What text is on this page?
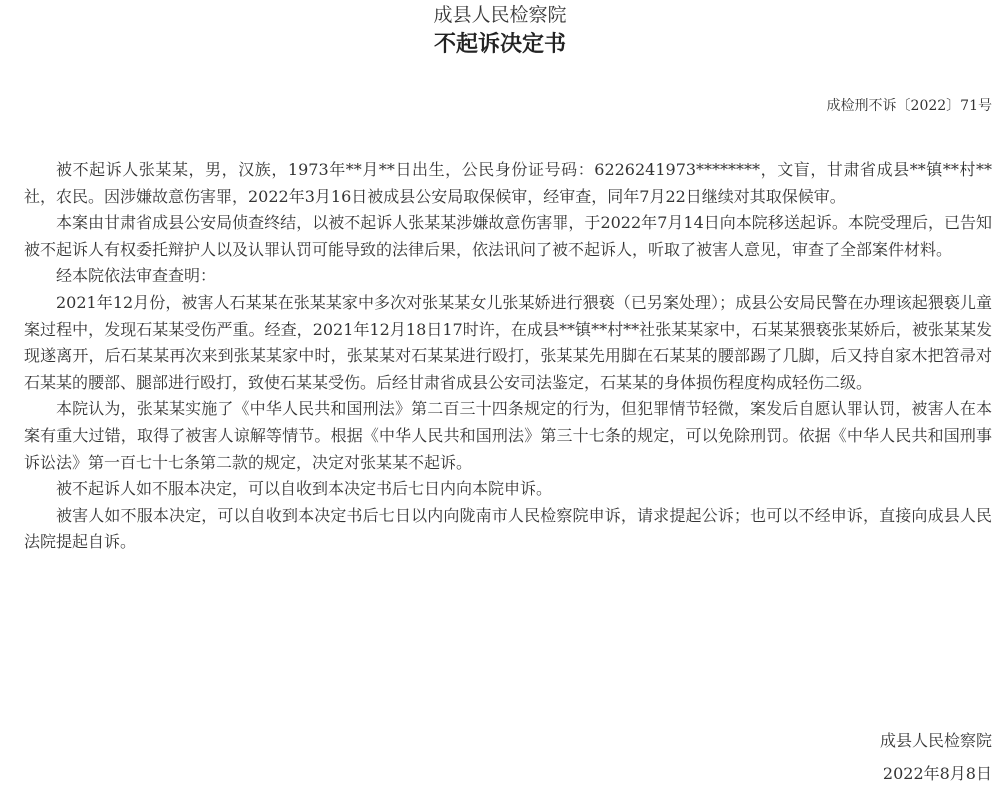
成县人民检察院
不起诉决定书
成检刑不诉〔2022〕71号

被不起诉人张某某，男，汉族，1973年**月**日出生，公民身份证号码：6226241973********，文盲，甘肃省成县**镇**村**社，农民。因涉嫌故意伤害罪，2022年3月16日被成县公安局取保候审，经审查，同年7月22日继续对其取保候审。

本案由甘肃省成县公安局侦查终结，以被不起诉人张某某涉嫌故意伤害罪，于2022年7月14日向本院移送起诉。本院受理后，已告知被不起诉人有权委托辩护人以及认罪认罚可能导致的法律后果，依法讯问了被不起诉人，听取了被害人意见，审查了全部案件材料。

经本院依法审查查明：

2021年12月份，被害人石某某在张某某家中多次对张某某女儿张某娇进行猥亵（已另案处理）；成县公安局民警在办理该起猥亵儿童案过程中，发现石某某受伤严重。经查，2021年12月18日17时许，在成县**镇**村**社张某某家中，石某某猥亵张某娇后，被张某某发现遂离开，后石某某再次来到张某某家中时，张某某对石某某进行殴打，张某某先用脚在石某某的腰部踢了几脚，后又持自家木把笤帚对石某某的腰部、腿部进行殴打，致使石某某受伤。后经甘肃省成县公安司法鉴定，石某某的身体损伤程度构成轻伤二级。

本院认为，张某某实施了《中华人民共和国刑法》第二百三十四条规定的行为，但犯罪情节轻微，案发后自愿认罪认罚，被害人在本案有重大过错，取得了被害人谅解等情节。根据《中华人民共和国刑法》第三十七条的规定，可以免除刑罚。依据《中华人民共和国刑事诉讼法》第一百七十七条第二款的规定，决定对张某某不起诉。

被不起诉人如不服本决定，可以自收到本决定书后七日内向本院申诉。

被害人如不服本决定，可以自收到本决定书后七日以内向陇南市人民检察院申诉，请求提起公诉；也可以不经申诉，直接向成县人民法院提起自诉。

成县人民检察院
2022年8月8日
